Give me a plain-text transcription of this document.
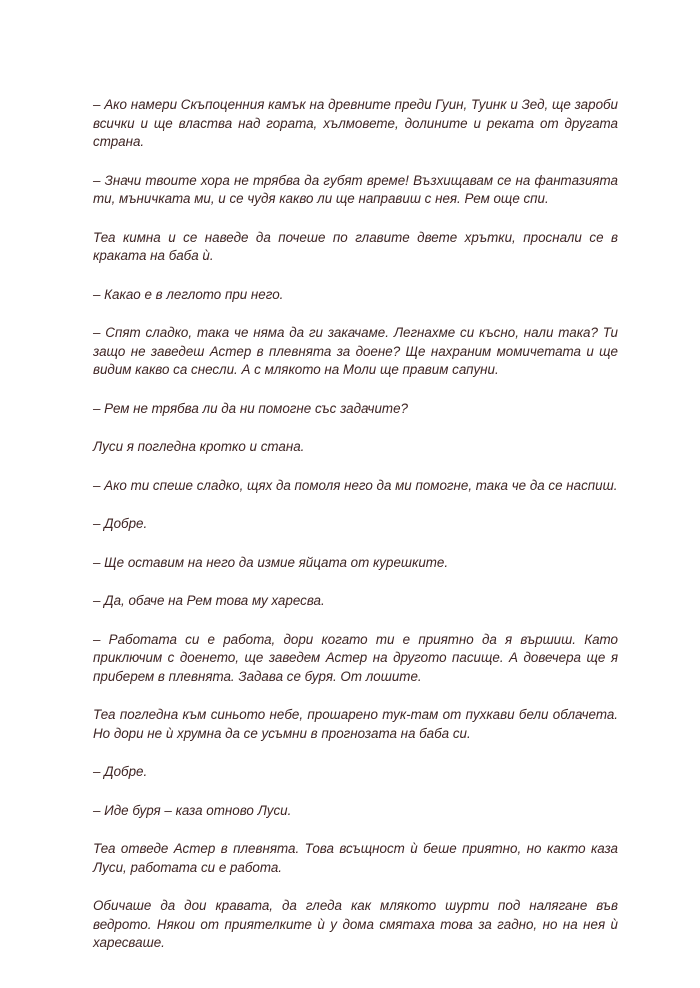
– Ако намери Скъпоценния камък на древните преди Гуин, Туинк и Зед, ще зароби всички и ще властва над гората, хълмовете, долините и реката от другата страна.

– Значи твоите хора не трябва да губят време! Възхищавам се на фантазията ти, мъничката ми, и се чудя какво ли ще направиш с нея. Рем още спи.

Теа кимна и се наведе да почеше по главите двете хрътки, проснали се в краката на баба ѝ.

– Какао е в леглото при него.

– Спят сладко, така че няма да ги закачаме. Легнахме си късно, нали така? Ти защо не заведеш Астер в плевнята за доене? Ще нахраним момичетата и ще видим какво са снесли. А с млякото на Моли ще правим сапуни.

– Рем не трябва ли да ни помогне със задачите?

Луси я погледна кротко и стана.

– Ако ти спеше сладко, щях да помоля него да ми помогне, така че да се наспиш.

– Добре.

– Ще оставим на него да измие яйцата от курешките.

– Да, обаче на Рем това му харесва.

– Работата си е работа, дори когато ти е приятно да я вършиш. Като приключим с доенето, ще заведем Астер на другото пасище. А довечера ще я приберем в плевнята. Задава се буря. От лошите.

Теа погледна към синьото небе, прошарено тук-там от пухкави бели облачета. Но дори не ѝ хрумна да се усъмни в прогнозата на баба си.

– Добре.

– Иде буря – каза отново Луси.

Теа отведе Астер в плевнята. Това всъщност ѝ беше приятно, но както каза Луси, работата си е работа.

Обичаше да дои кравата, да гледа как млякото шурти под налягане във ведрото. Някои от приятелките ѝ у дома смятаха това за гадно, но на нея ѝ харесваше.
